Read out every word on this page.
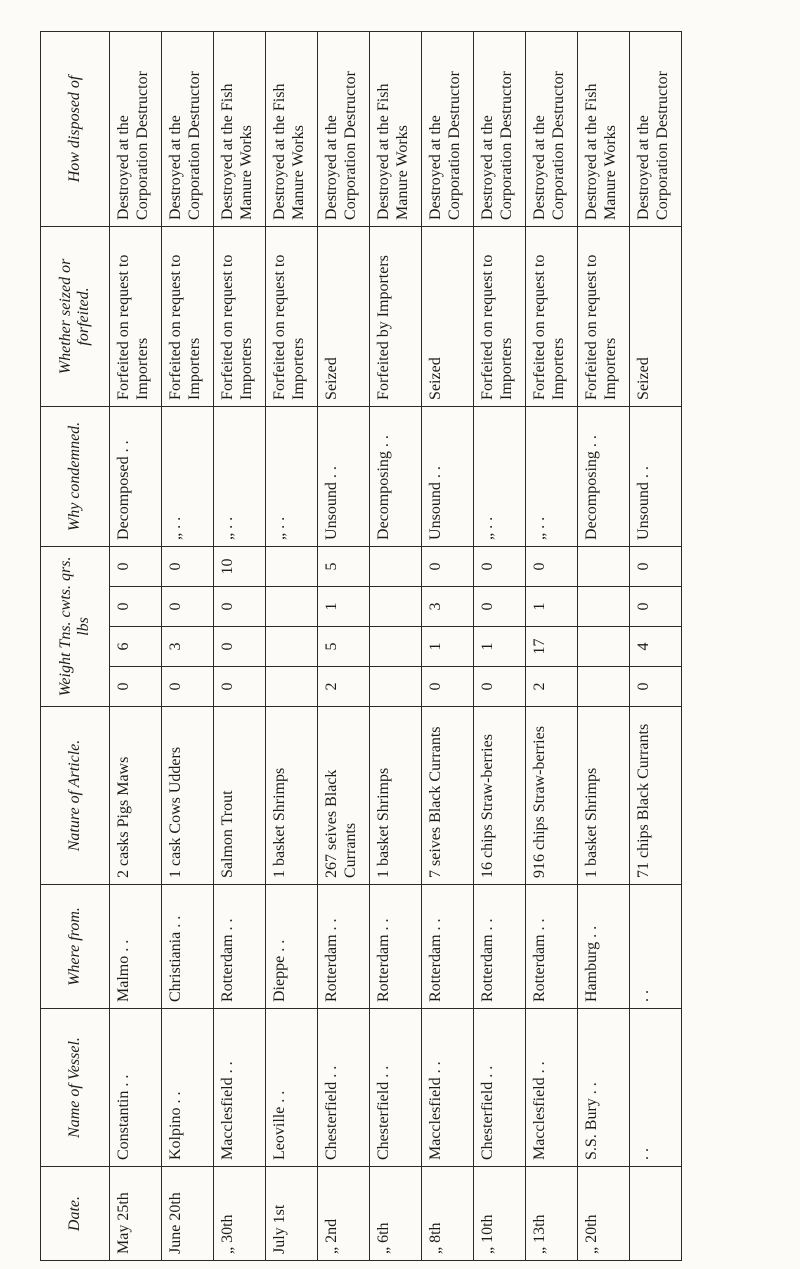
Date.	Name of Vessel.	Where from.	Nature of Article.	Weight Tns. cwts. qrs. lbs				Why condemned.	Whether seized or forfeited.	How disposed of
May 25th	Constantin . .	Malmo . .	2 casks Pigs Maws	0	6	0	0	Decomposed . .	Forfeited on request to Importers	Destroyed at the Corporation Destructor
June 20th	Kolpino . .	Christiania . .	1 cask Cows Udders	0	3	0	0	„ . .	Forfeited on request to Importers	Destroyed at the Corporation Destructor
„ 30th	Macclesfield . .	Rotterdam . .	Salmon Trout	0	0	0	10	„ . .	Forfeited on request to Importers	Destroyed at the Fish Manure Works
July 1st	Leoville . .	Dieppe . .	1 basket Shrimps					„ . .	Forfeited on request to Importers	Destroyed at the Fish Manure Works
„ 2nd	Chesterfield . .	Rotterdam . .	267 seives Black Currants	2	5	1	5	Unsound . .	Seized	Destroyed at the Corporation Destructor
„ 6th	Chesterfield . .	Rotterdam . .	1 basket Shrimps					Decomposing . .	Forfeited by Importers	Destroyed at the Fish Manure Works
„ 8th	Macclesfield . .	Rotterdam . .	7 seives Black Currants	0	1	3	0	Unsound . .	Seized	Destroyed at the Corporation Destructor
„ 10th	Chesterfield . .	Rotterdam . .	16 chips Straw-berries	0	1	0	0	„ . .	Forfeited on request to Importers	Destroyed at the Corporation Destructor
„ 13th	Macclesfield . .	Rotterdam . .	916 chips Straw-berries	2	17	1	0	„ . .	Forfeited on request to Importers	Destroyed at the Corporation Destructor
„ 20th	S.S. Bury . .	Hamburg . .	1 basket Shrimps					Decomposing . .	Forfeited on request to Importers	Destroyed at the Fish Manure Works
	. .	. .	71 chips Black Currants	0	4	0	0	Unsound . .	Seized	Destroyed at the Corporation Destructor
